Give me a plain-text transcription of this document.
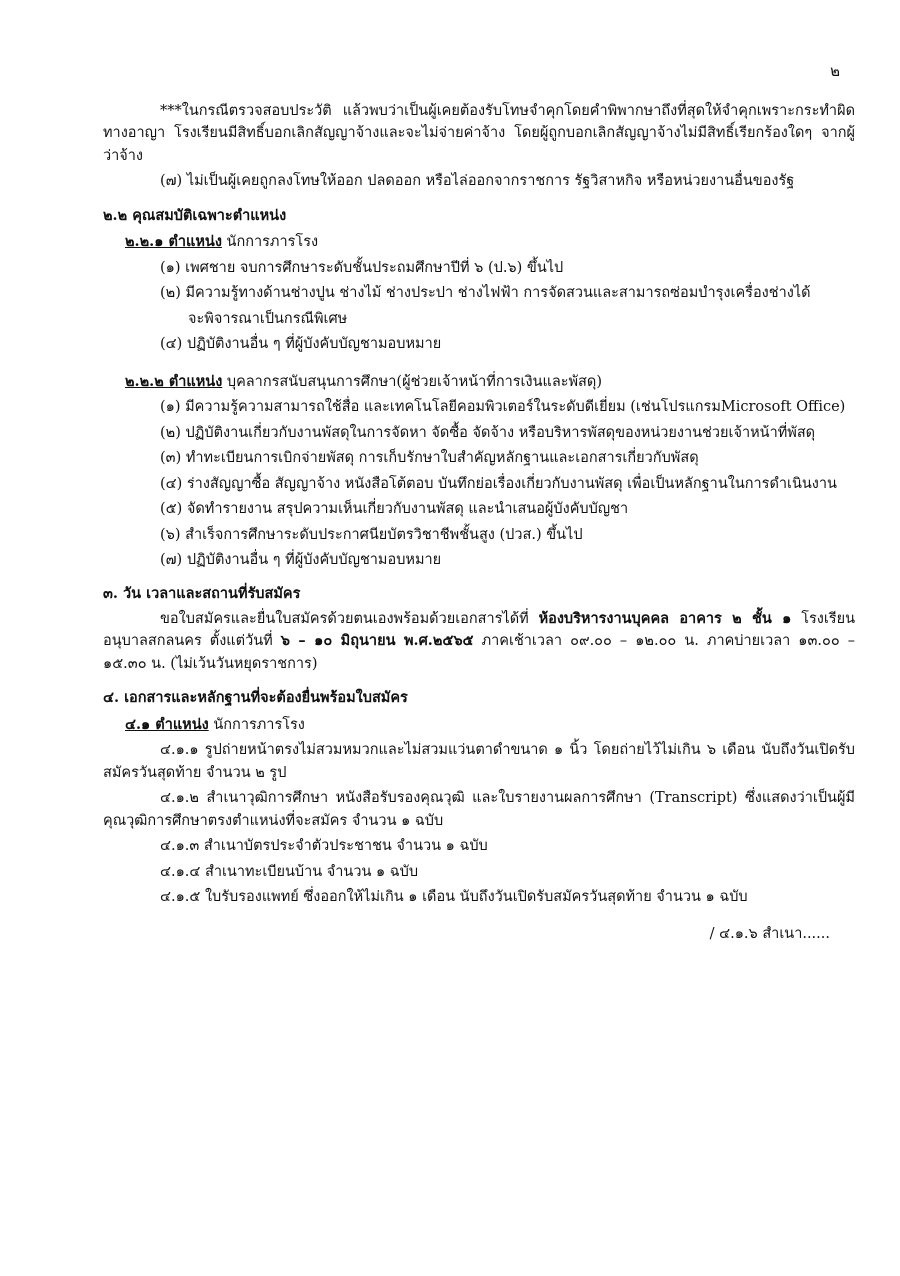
๒

***ในกรณีตรวจสอบประวัติ แล้วพบว่าเป็นผู้เคยต้องรับโทษจำคุกโดยคำพิพากษาถึงที่สุดให้จำคุกเพราะกระทำผิดทางอาญา โรงเรียนมีสิทธิ์บอกเลิกสัญญาจ้างและจะไม่จ่ายค่าจ้าง โดยผู้ถูกบอกเลิกสัญญาจ้างไม่มีสิทธิ์เรียกร้องใดๆ จากผู้ว่าจ้าง

(๗) ไม่เป็นผู้เคยถูกลงโทษให้ออก ปลดออก หรือไล่ออกจากราชการ รัฐวิสาหกิจ หรือหน่วยงานอื่นของรัฐ

๒.๒ คุณสมบัติเฉพาะตำแหน่ง

๒.๒.๑ ตำแหน่ง นักการภารโรง

(๑) เพศชาย จบการศึกษาระดับชั้นประถมศึกษาปีที่ ๖ (ป.๖) ขึ้นไป

(๒) มีความรู้ทางด้านช่างปูน ช่างไม้ ช่างประปา ช่างไฟฟ้า การจัดสวนและสามารถซ่อมบำรุงเครื่องช่างได้

จะพิจารณาเป็นกรณีพิเศษ

(๔) ปฏิบัติงานอื่น ๆ ที่ผู้บังคับบัญชามอบหมาย

๒.๒.๒ ตำแหน่ง บุคลากรสนับสนุนการศึกษา(ผู้ช่วยเจ้าหน้าที่การเงินและพัสดุ)

(๑) มีความรู้ความสามารถใช้สื่อ และเทคโนโลยีคอมพิวเตอร์ในระดับดีเยี่ยม (เช่นโปรแกรมMicrosoft Office)

(๒) ปฏิบัติงานเกี่ยวกับงานพัสดุในการจัดหา จัดซื้อ จัดจ้าง หรือบริหารพัสดุของหน่วยงานช่วยเจ้าหน้าที่พัสดุ

(๓) ทำทะเบียนการเบิกจ่ายพัสดุ การเก็บรักษาใบสำคัญหลักฐานและเอกสารเกี่ยวกับพัสดุ

(๔) ร่างสัญญาซื้อ สัญญาจ้าง หนังสือโต้ตอบ บันทึกย่อเรื่องเกี่ยวกับงานพัสดุ เพื่อเป็นหลักฐานในการดำเนินงาน

(๕) จัดทำรายงาน สรุปความเห็นเกี่ยวกับงานพัสดุ และนำเสนอผู้บังคับบัญชา

(๖) สำเร็จการศึกษาระดับประกาศนียบัตรวิชาชีพชั้นสูง (ปวส.) ขึ้นไป

(๗) ปฏิบัติงานอื่น ๆ ที่ผู้บังคับบัญชามอบหมาย

๓. วัน เวลาและสถานที่รับสมัคร

ขอใบสมัครและยื่นใบสมัครด้วยตนเองพร้อมด้วยเอกสารได้ที่ ห้องบริหารงานบุคคล อาคาร ๒ ชั้น ๑ โรงเรียนอนุบาลสกลนคร ตั้งแต่วันที่ ๖ – ๑๐ มิถุนายน พ.ศ.๒๕๖๕ ภาคเช้าเวลา ๐๙.๐๐ – ๑๒.๐๐ น. ภาคบ่ายเวลา ๑๓.๐๐ – ๑๕.๓๐ น. (ไม่เว้นวันหยุดราชการ)

๔. เอกสารและหลักฐานที่จะต้องยื่นพร้อมใบสมัคร

๔.๑ ตำแหน่ง นักการภารโรง

๔.๑.๑ รูปถ่ายหน้าตรงไม่สวมหมวกและไม่สวมแว่นตาดำขนาด ๑ นิ้ว โดยถ่ายไว้ไม่เกิน ๖ เดือน นับถึงวันเปิดรับสมัครวันสุดท้าย จำนวน ๒ รูป

๔.๑.๒ สำเนาวุฒิการศึกษา หนังสือรับรองคุณวุฒิ และใบรายงานผลการศึกษา (Transcript) ซึ่งแสดงว่าเป็นผู้มีคุณวุฒิการศึกษาตรงตำแหน่งที่จะสมัคร จำนวน ๑ ฉบับ

๔.๑.๓ สำเนาบัตรประจำตัวประชาชน จำนวน ๑ ฉบับ

๔.๑.๔ สำเนาทะเบียนบ้าน จำนวน ๑ ฉบับ

๔.๑.๕ ใบรับรองแพทย์ ซึ่งออกให้ไม่เกิน ๑ เดือน นับถึงวันเปิดรับสมัครวันสุดท้าย จำนวน ๑ ฉบับ

/ ๔.๑.๖ สำเนา......
